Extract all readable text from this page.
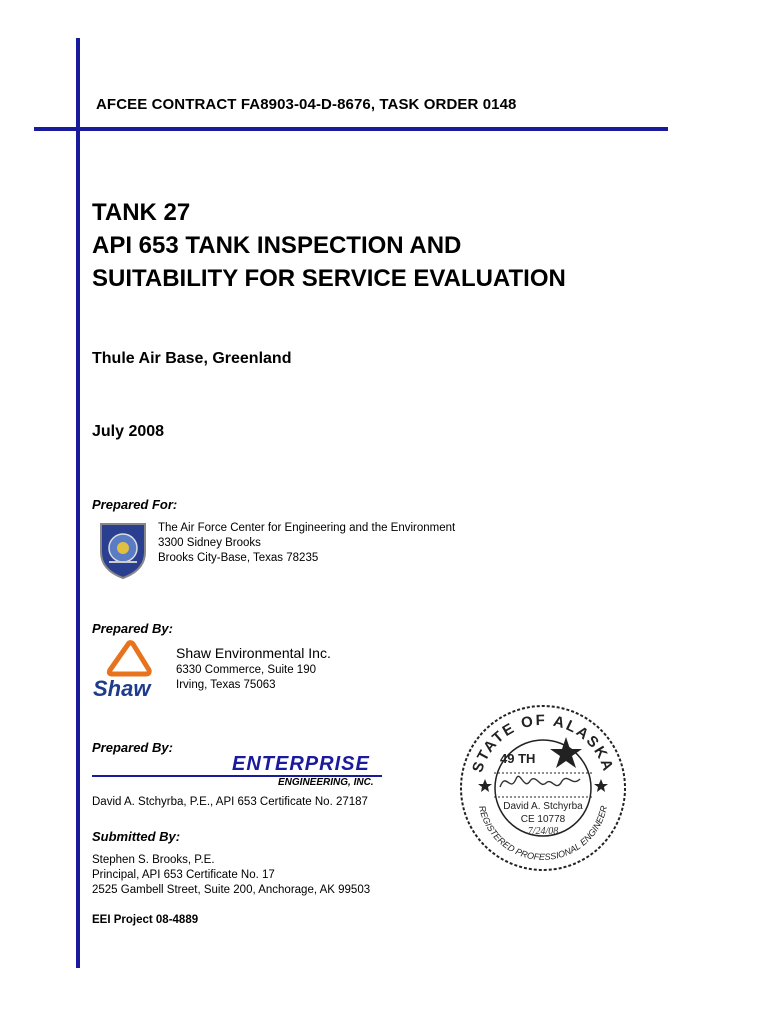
AFCEE CONTRACT FA8903-04-D-8676, TASK ORDER 0148
TANK 27
API 653 TANK INSPECTION AND
SUITABILITY FOR SERVICE EVALUATION
Thule Air Base, Greenland
July 2008
Prepared For:
The Air Force Center for Engineering and the Environment
3300 Sidney Brooks
Brooks City-Base, Texas 78235
Prepared By:
Shaw
Shaw Environmental Inc.
6330 Commerce, Suite 190
Irving, Texas 75063
Prepared By:
ENTERPRISE
ENGINEERING, INC.
David A. Stchyrba, P.E., API 653 Certificate No. 27187
Submitted By:
Stephen S. Brooks, P.E.
Principal, API 653 Certificate No. 17
2525 Gambell Street, Suite 200, Anchorage, AK 99503
EEI Project 08-4889
STATE OF ALASKA
REGISTERED PROFESSIONAL ENGINEER
49 TH
David A. Stchyrba
CE 10778
7/24/08
